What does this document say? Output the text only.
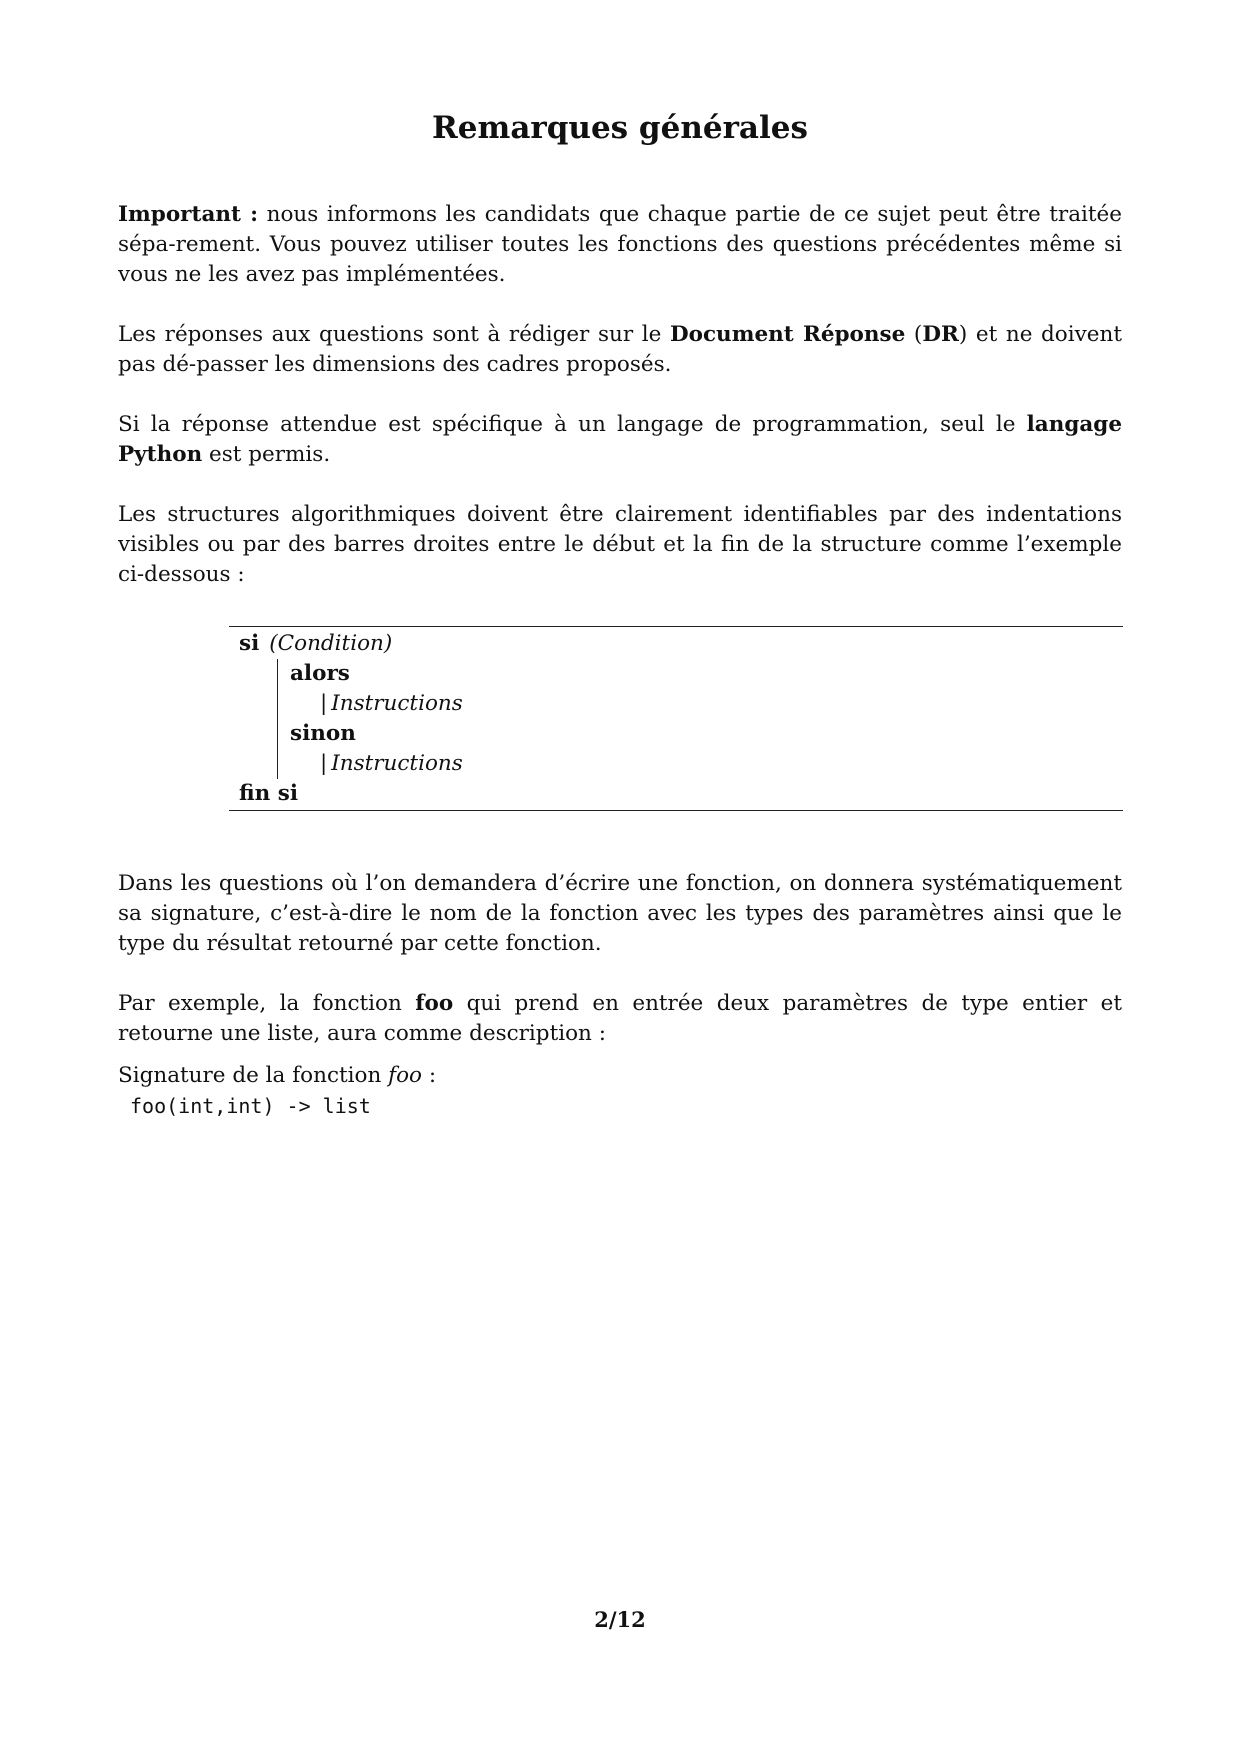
Remarques générales

Important : nous informons les candidats que chaque partie de ce sujet peut être traitée sépa-rement. Vous pouvez utiliser toutes les fonctions des questions précédentes même si vous ne les avez pas implémentées.

Les réponses aux questions sont à rédiger sur le Document Réponse (DR) et ne doivent pas dé-passer les dimensions des cadres proposés.

Si la réponse attendue est spécifique à un langage de programmation, seul le langage Python est permis.

Les structures algorithmiques doivent être clairement identifiables par des indentations visibles ou par des barres droites entre le début et la fin de la structure comme l’exemple ci-dessous :

si (Condition)
alors
| Instructions
sinon
| Instructions
fin si

Dans les questions où l’on demandera d’écrire une fonction, on donnera systématiquement sa signature, c’est-à-dire le nom de la fonction avec les types des paramètres ainsi que le type du résultat retourné par cette fonction.

Par exemple, la fonction foo qui prend en entrée deux paramètres de type entier et retourne une liste, aura comme description :

Signature de la fonction foo :

foo(int,int) -> list

2/12
